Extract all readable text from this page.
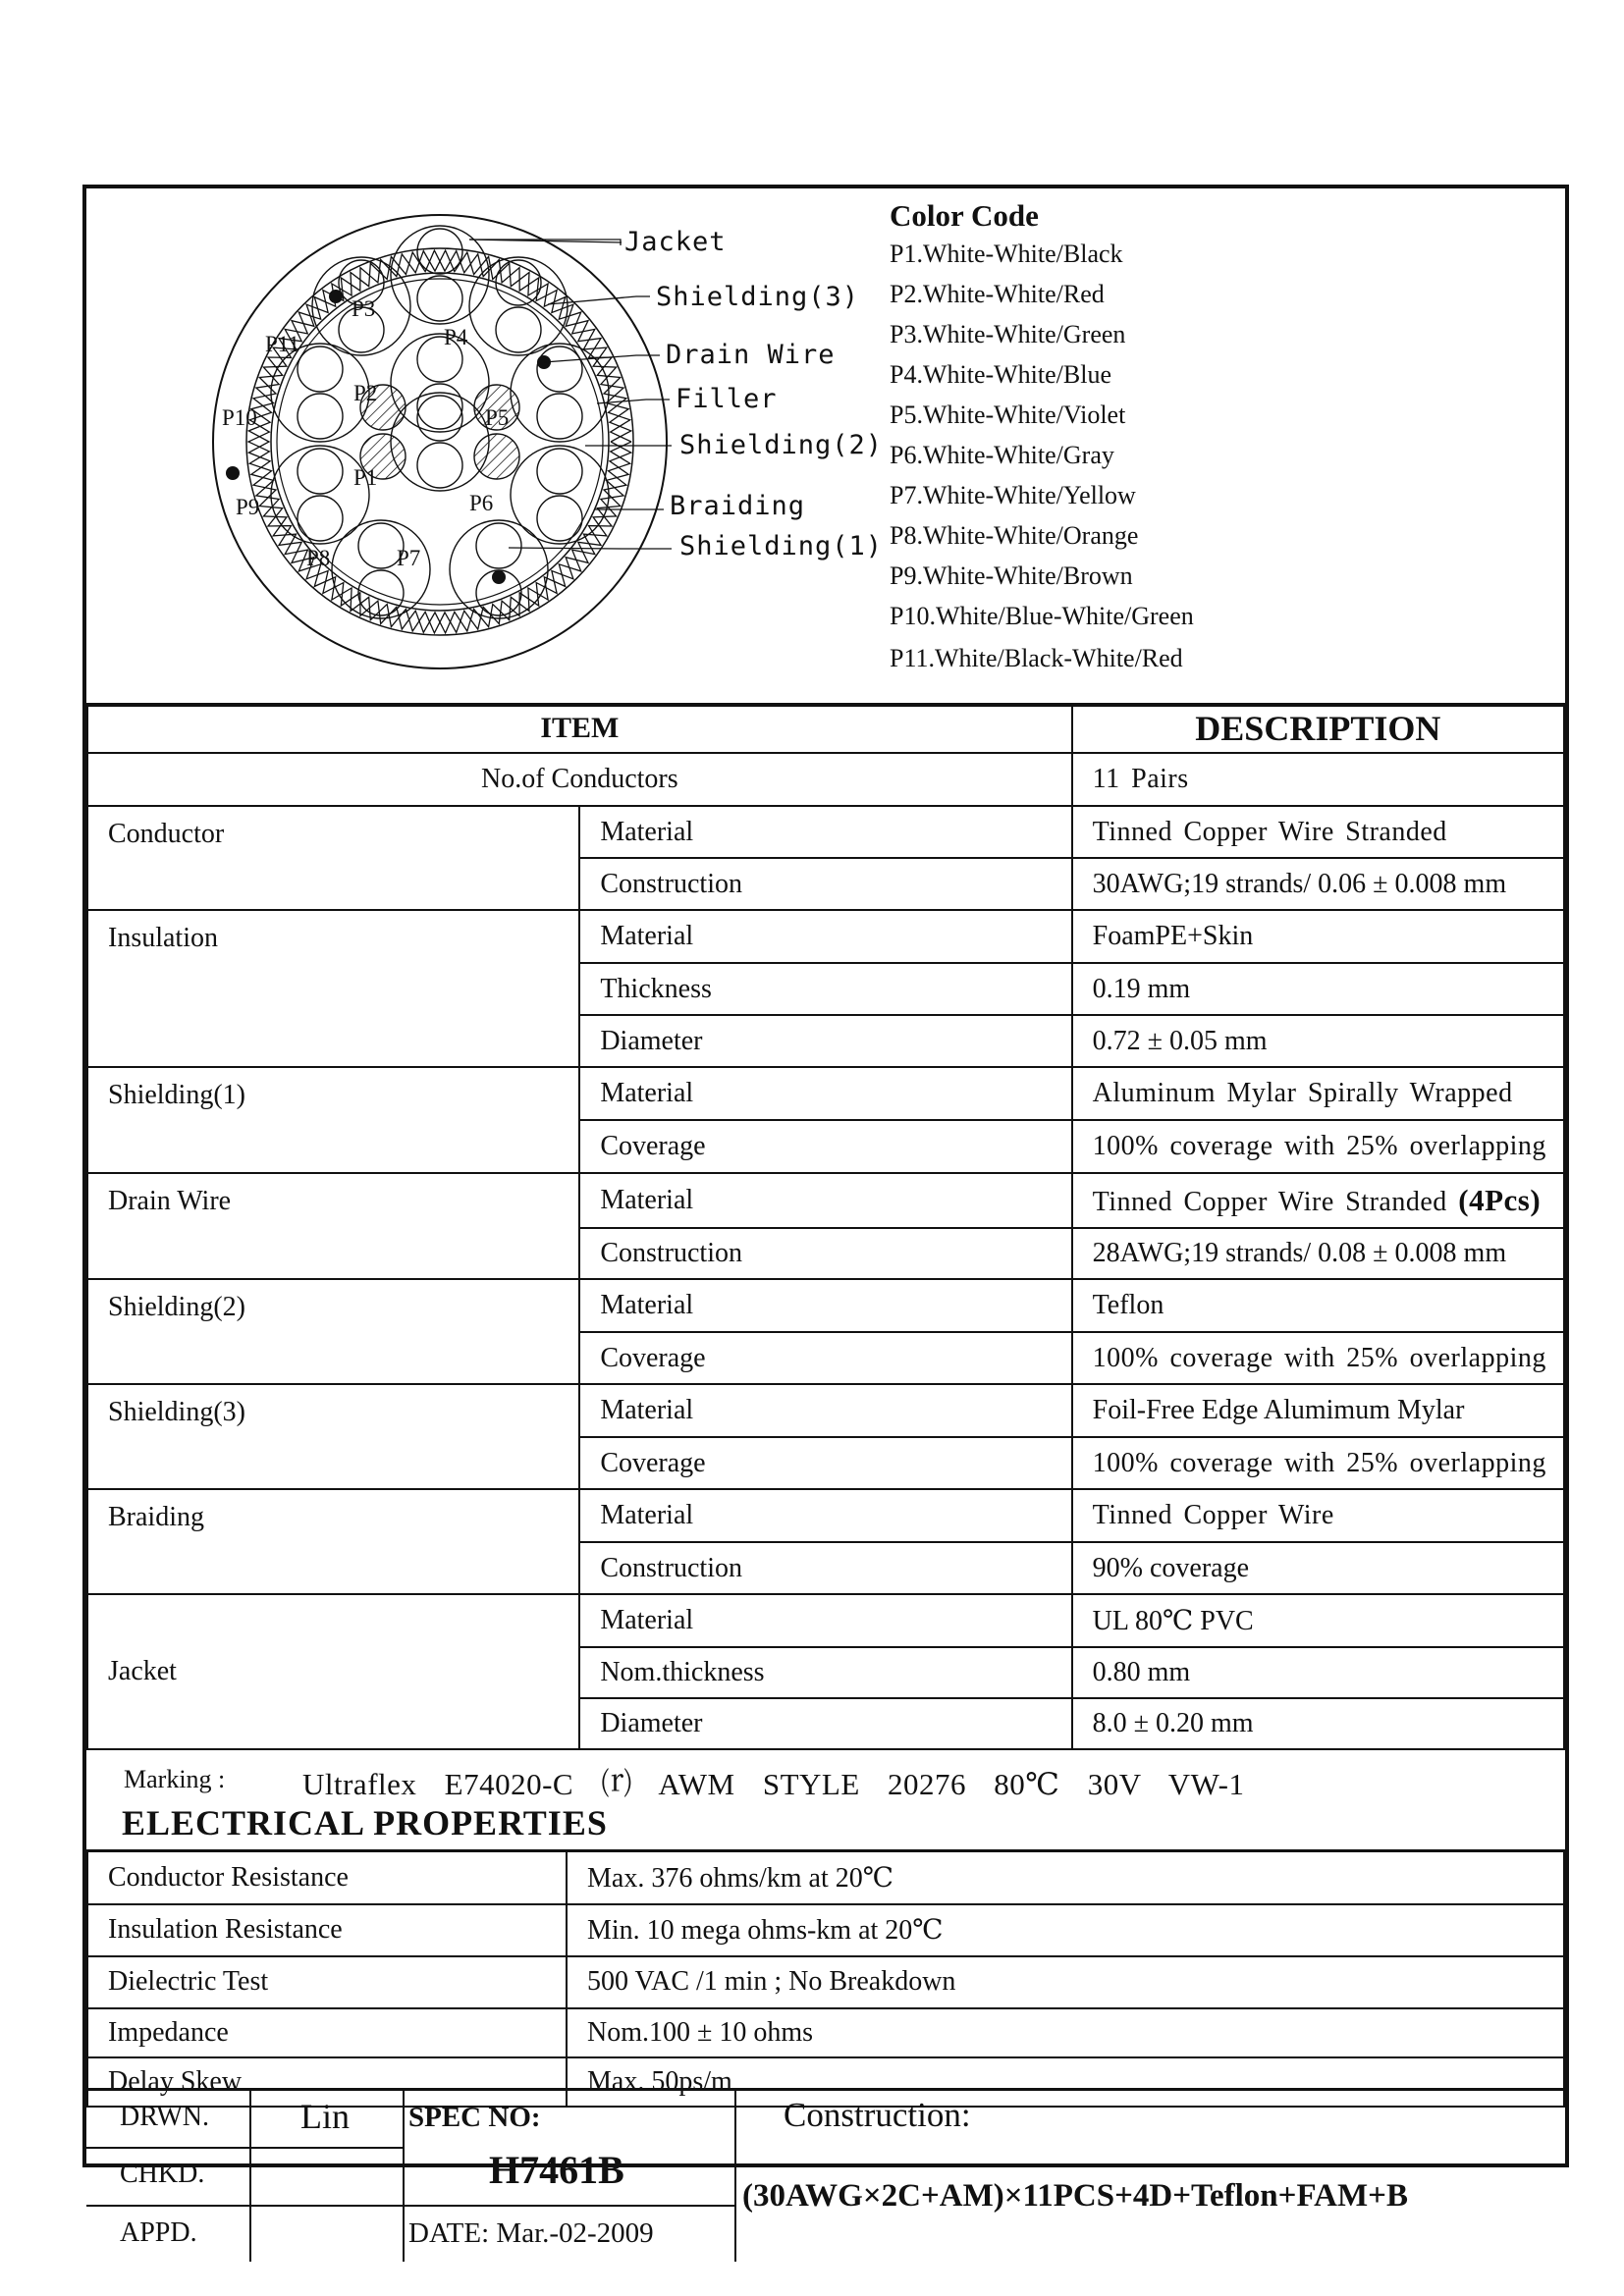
P1
P2
P3
P4
P5
P6
P7
P8
P9
P10
P11
Jacket
Shielding(3)
Drain Wire
Filler
Shielding(2)
Braiding
Shielding(1)
Color Code
P1.White-White/Black
P2.White-White/Red
P3.White-White/Green
P4.White-White/Blue
P5.White-White/Violet
P6.White-White/Gray
P7.White-White/Yellow
P8.White-White/Orange
P9.White-White/Brown
P10.White/Blue-White/Green
P11.White/Black-White/Red
ITEM		DESCRIPTION
No.of Conductors		11 Pairs
Conductor	Material	Tinned Copper Wire Stranded
	Construction	30AWG;19 strands/ 0.06 ± 0.008 mm
Insulation	Material	FoamPE+Skin
	Thickness	0.19 mm
	Diameter	0.72 ± 0.05 mm
Shielding(1)	Material	Aluminum Mylar Spirally Wrapped
	Coverage	100% coverage with 25% overlapping
Drain Wire	Material	Tinned Copper Wire Stranded (4Pcs)
	Construction	28AWG;19 strands/ 0.08 ± 0.008 mm
Shielding(2)	Material	Teflon
	Coverage	100% coverage with 25% overlapping
Shielding(3)	Material	Foil-Free Edge Alumimum Mylar
	Coverage	100% coverage with 25% overlapping
Braiding	Material	Tinned Copper Wire
	Construction	90% coverage
Jacket	Material	UL 80℃ PVC
	Nom.thickness	0.80 mm
	Diameter	8.0 ± 0.20 mm
Marking :	Ultraflex E74020-C ⒭ AWM STYLE 20276 80℃ 30V VW-1
ELECTRICAL PROPERTIES
Conductor Resistance	Max. 376 ohms/km at 20℃
Insulation Resistance	Min. 10 mega ohms-km at 20℃
Dielectric Test	500 VAC /1 min ; No Breakdown
Impedance	Nom.100 ± 10 ohms
Delay Skew	Max. 50ps/m
DRWN.	Lin
CHKD.
APPD.
SPEC NO:
H7461B
DATE: Mar.-02-2009
Construction:
(30AWG×2C+AM)×11PCS+4D+Teflon+FAM+B
